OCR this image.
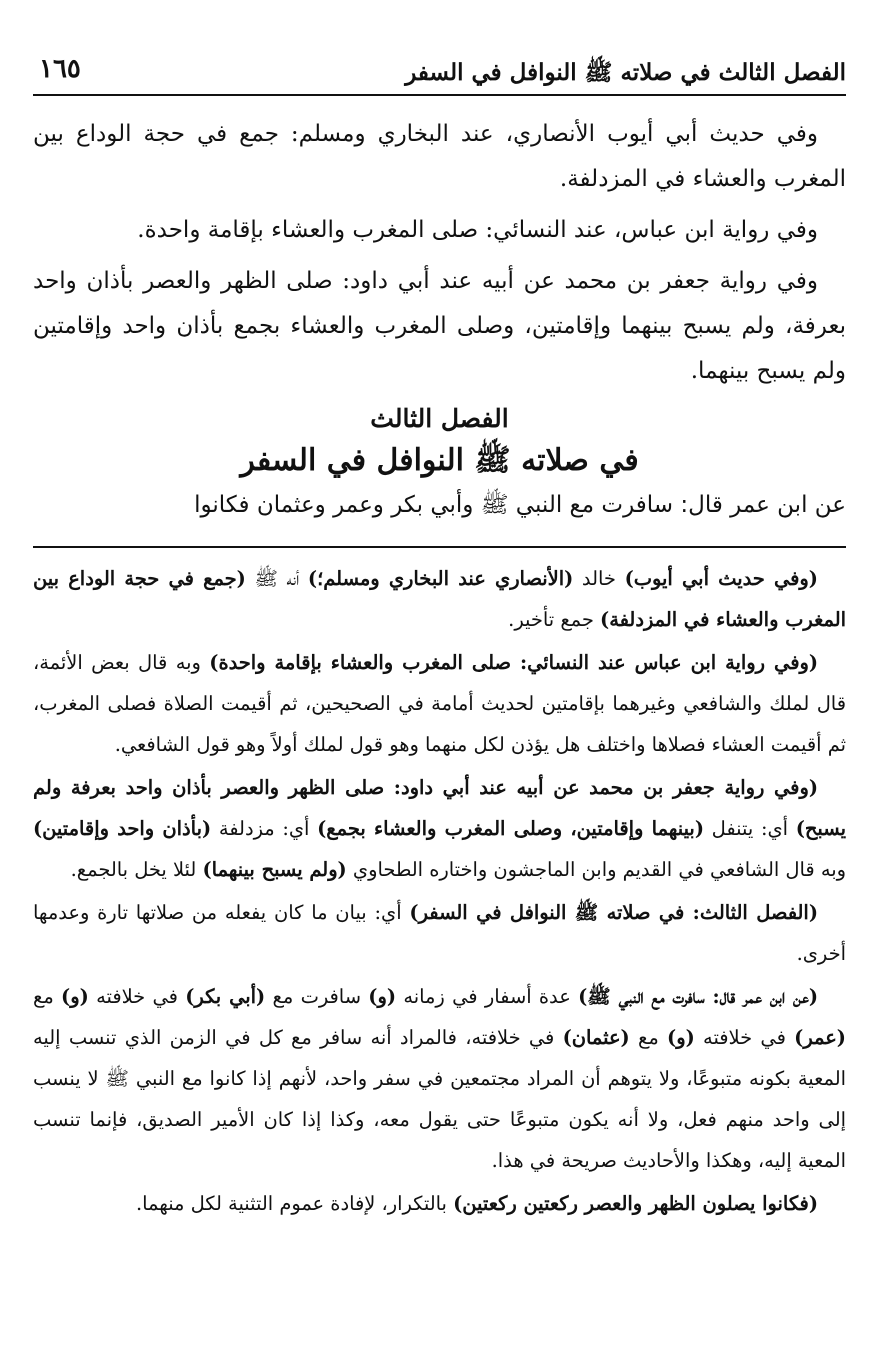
الفصل الثالث في صلاته ﷺ النوافل في السفر
١٦٥

وفي حديث أبي أيوب الأنصاري، عند البخاري ومسلم: جمع في حجة الوداع بين المغرب والعشاء في المزدلفة.

وفي رواية ابن عباس، عند النسائي: صلى المغرب والعشاء بإقامة واحدة.

وفي رواية جعفر بن محمد عن أبيه عند أبي داود: صلى الظهر والعصر بأذان واحد بعرفة، ولم يسبح بينهما وإقامتين، وصلى المغرب والعشاء بجمع بأذان واحد وإقامتين ولم يسبح بينهما.

الفصل الثالث
في صلاته ﷺ النوافل في السفر

عن ابن عمر قال: سافرت مع النبي ﷺ وأبي بكر وعمر وعثمان فكانوا

(وفي حديث أبي أيوب) خالد (الأنصاري عند البخاري ومسلم؛) أنه ﷺ (جمع في حجة الوداع بين المغرب والعشاء في المزدلفة) جمع تأخير.

(وفي رواية ابن عباس عند النسائي: صلى المغرب والعشاء بإقامة واحدة) وبه قال بعض الأئمة، قال لملك والشافعي وغيرهما بإقامتين لحديث أمامة في الصحيحين، ثم أقيمت الصلاة فصلى المغرب، ثم أقيمت العشاء فصلاها واختلف هل يؤذن لكل منهما وهو قول لملك أولاً وهو قول الشافعي.

(وفي رواية جعفر بن محمد عن أبيه عند أبي داود: صلى الظهر والعصر بأذان واحد بعرفة ولم يسبح) أي: يتنفل (بينهما وإقامتين، وصلى المغرب والعشاء بجمع) أي: مزدلفة (بأذان واحد وإقامتين) وبه قال الشافعي في القديم وابن الماجشون واختاره الطحاوي (ولم يسبح بينهما) لئلا يخل بالجمع.

(الفصل الثالث: في صلاته ﷺ النوافل في السفر) أي: بيان ما كان يفعله من صلاتها تارة وعدمها أخرى.

(عن ابن عمر قال: سافرت مع النبي ﷺ) عدة أسفار في زمانه (و) سافرت مع (أبي بكر) في خلافته (و) مع (عمر) في خلافته (و) مع (عثمان) في خلافته، فالمراد أنه سافر مع كل في الزمن الذي تنسب إليه المعية بكونه متبوعًا، ولا يتوهم أن المراد مجتمعين في سفر واحد، لأنهم إذا كانوا مع النبي ﷺ لا ينسب إلى واحد منهم فعل، ولا أنه يكون متبوعًا حتى يقول معه، وكذا إذا كان الأمير الصديق، فإنما تنسب المعية إليه، وهكذا والأحاديث صريحة في هذا.

(فكانوا يصلون الظهر والعصر ركعتين ركعتين) بالتكرار، لإفادة عموم التثنية لكل منهما.
